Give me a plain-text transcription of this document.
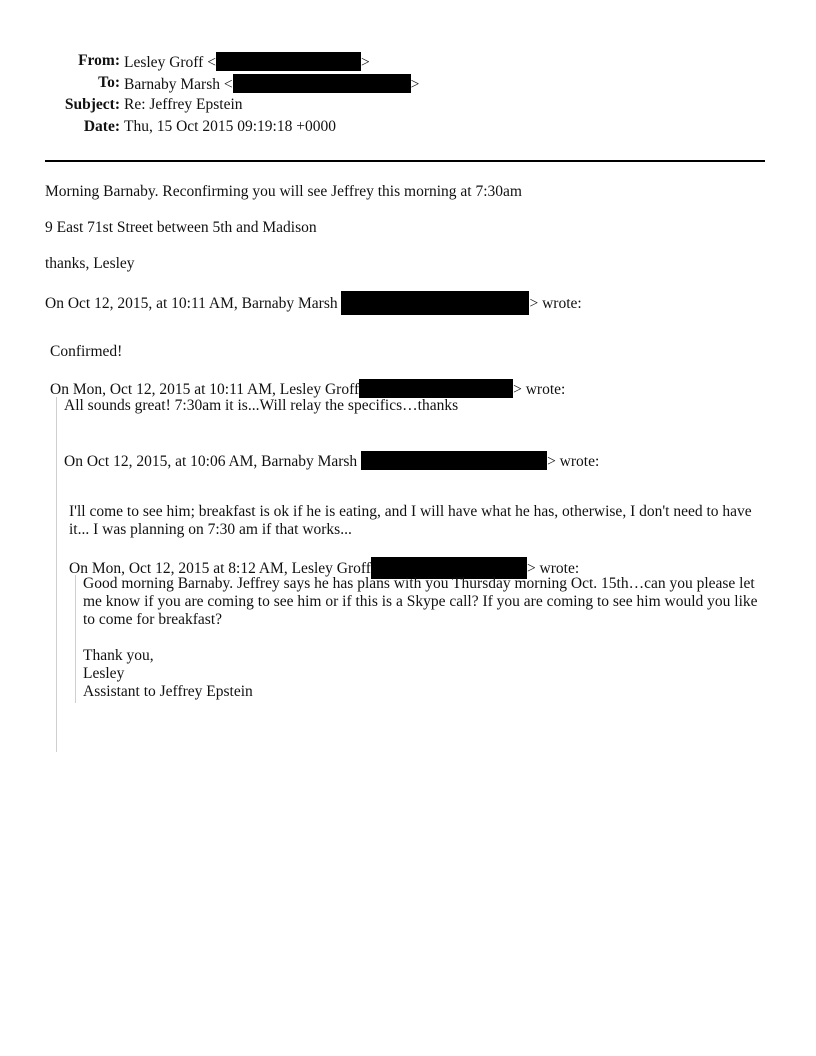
From: Lesley Groff <	>
To: Barnaby Marsh <	>
Subject: Re: Jeffrey Epstein
Date: Thu, 15 Oct 2015 09:19:18 +0000
Morning Barnaby. Reconfirming you will see Jeffrey this morning at 7:30am
9 East 71st Street between 5th and Madison
thanks, Lesley
On Oct 12, 2015, at 10:11 AM, Barnaby Marsh	> wrote:
Confirmed!
On Mon, Oct 12, 2015 at 10:11 AM, Lesley Groff	> wrote:
All sounds great! 7:30am it is...Will relay the specifics…thanks
On Oct 12, 2015, at 10:06 AM, Barnaby Marsh	> wrote:
I'll come to see him; breakfast is ok if he is eating, and I will have what he has, otherwise, I don't need to have it... I was planning on 7:30 am if that works...
On Mon, Oct 12, 2015 at 8:12 AM, Lesley Groff	> wrote:
Good morning Barnaby. Jeffrey says he has plans with you Thursday morning Oct. 15th…can you please let me know if you are coming to see him or if this is a Skype call? If you are coming to see him would you like to come for breakfast?
Thank you,
Lesley
Assistant to Jeffrey Epstein
